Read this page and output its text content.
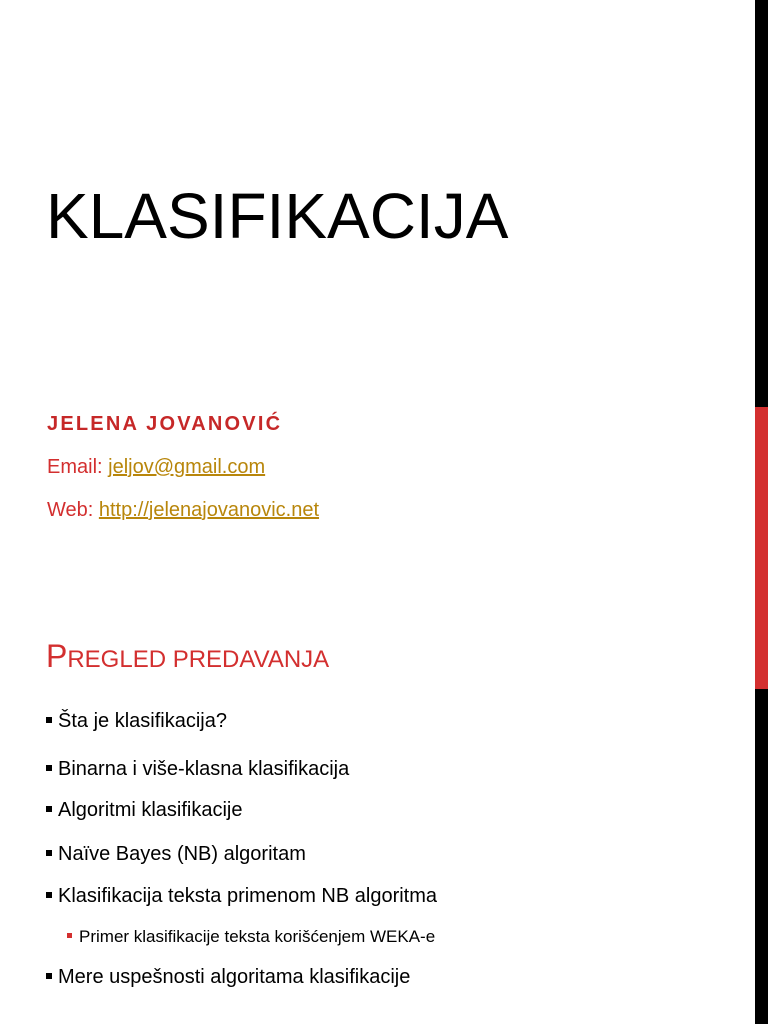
KLASIFIKACIJA

JELENA JOVANOVIĆ

Email: jeljov@gmail.com

Web: http://jelenajovanovic.net

PREGLED PREDAVANJA
Šta je klasifikacija?
Binarna i više-klasna klasifikacija
Algoritmi klasifikacije
Naïve Bayes (NB) algoritam
Klasifikacija teksta primenom NB algoritma
Primer klasifikacije teksta korišćenjem WEKA-e
Mere uspešnosti algoritama klasifikacije
